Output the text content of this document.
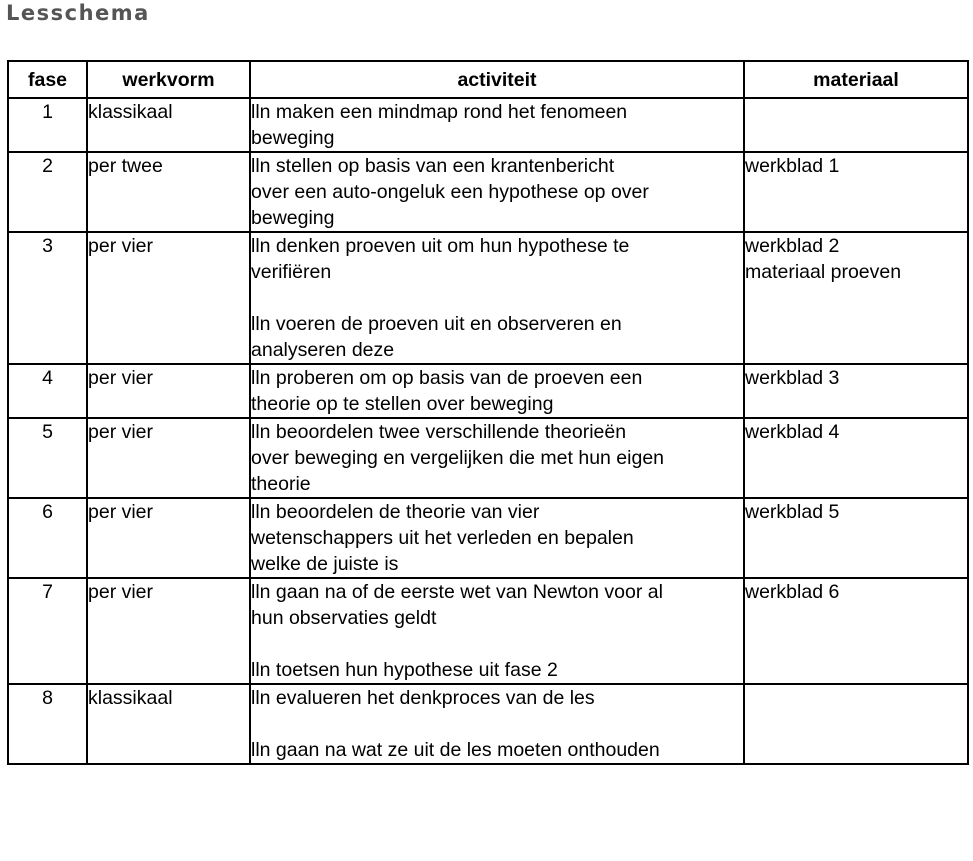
Lesschema
fase	werkvorm	activiteit	materiaal
1	klassikaal	lln maken een mindmap rond het fenomeen
beweging	

2	per twee	lln stellen op basis van een krantenbericht
over een auto-ongeluk een hypothese op over
beweging	werkblad 1

3	per vier	lln denken proeven uit om hun hypothese te
verifiëren
lln voeren de proeven uit en observeren en
analyseren deze	werkblad 2
materiaal proeven

4	per vier	lln proberen om op basis van de proeven een
theorie op te stellen over beweging	werkblad 3

5	per vier	lln beoordelen twee verschillende theorieën
over beweging en vergelijken die met hun eigen
theorie	werkblad 4

6	per vier	lln beoordelen de theorie van vier
wetenschappers uit het verleden en bepalen
welke de juiste is	werkblad 5

7	per vier	lln gaan na of de eerste wet van Newton voor al
hun observaties geldt
lln toetsen hun hypothese uit fase 2	werkblad 6

8	klassikaal	lln evalueren het denkproces van de les
lln gaan na wat ze uit de les moeten onthouden	
